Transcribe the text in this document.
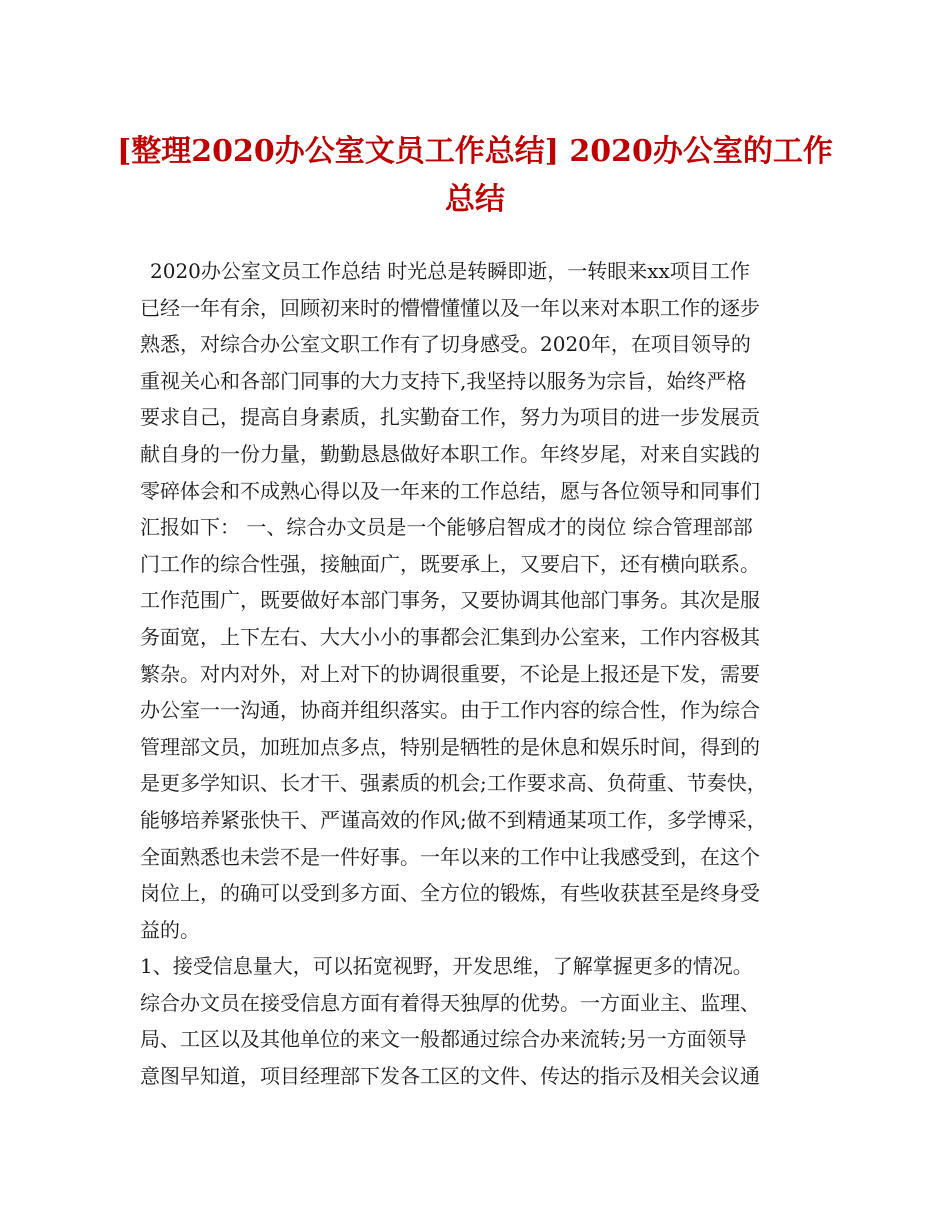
[整理2020办公室文员工作总结] 2020办公室的工作
总结
2020办公室文员工作总结 时光总是转瞬即逝，一转眼来xx项目工作
已经一年有余，回顾初来时的懵懵懂懂以及一年以来对本职工作的逐步
熟悉，对综合办公室文职工作有了切身感受。2020年，在项目领导的
重视关心和各部门同事的大力支持下,我坚持以服务为宗旨，始终严格
要求自己，提高自身素质，扎实勤奋工作，努力为项目的进一步发展贡
献自身的一份力量，勤勤恳恳做好本职工作。年终岁尾，对来自实践的
零碎体会和不成熟心得以及一年来的工作总结，愿与各位领导和同事们
汇报如下： 一、综合办文员是一个能够启智成才的岗位 综合管理部部
门工作的综合性强，接触面广，既要承上，又要启下，还有横向联系。
工作范围广，既要做好本部门事务，又要协调其他部门事务。其次是服
务面宽，上下左右、大大小小的事都会汇集到办公室来，工作内容极其
繁杂。对内对外，对上对下的协调很重要，不论是上报还是下发，需要
办公室一一沟通，协商并组织落实。由于工作内容的综合性，作为综合
管理部文员，加班加点多点，特别是牺牲的是休息和娱乐时间，得到的
是更多学知识、长才干、强素质的机会;工作要求高、负荷重、节奏快，
能够培养紧张快干、严谨高效的作风;做不到精通某项工作，多学博采，
全面熟悉也未尝不是一件好事。一年以来的工作中让我感受到，在这个
岗位上，的确可以受到多方面、全方位的锻炼，有些收获甚至是终身受
益的。
1、接受信息量大，可以拓宽视野，开发思维，了解掌握更多的情况。
综合办文员在接受信息方面有着得天独厚的优势。一方面业主、监理、
局、工区以及其他单位的来文一般都通过综合办来流转;另一方面领导
意图早知道，项目经理部下发各工区的文件、传达的指示及相关会议通
